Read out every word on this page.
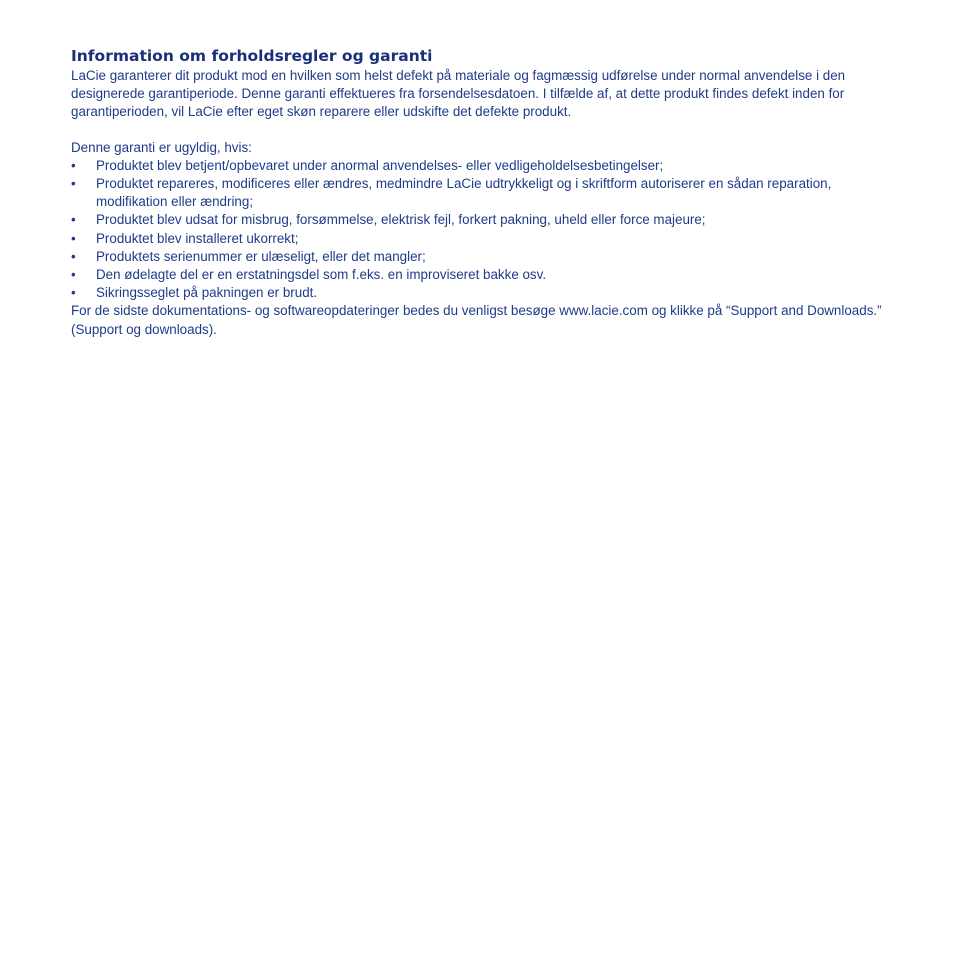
Information om forholdsregler og garanti

LaCie garanterer dit produkt mod en hvilken som helst defekt på materiale og fagmæssig udførelse under normal anvendelse i den designerede garantiperiode. Denne garanti effektueres fra forsendelsesdatoen. I tilfælde af, at dette produkt findes defekt inden for garantiperioden, vil LaCie efter eget skøn reparere eller udskifte det defekte produkt.

Denne garanti er ugyldig, hvis:

• Produktet blev betjent/opbevaret under anormal anvendelses- eller vedligeholdelsesbetingelser;
• Produktet repareres, modificeres eller ændres, medmindre LaCie udtrykkeligt og i skriftform autoriserer en sådan reparation, modifikation eller ændring;
• Produktet blev udsat for misbrug, forsømmelse, elektrisk fejl, forkert pakning, uheld eller force majeure;
• Produktet blev installeret ukorrekt;
• Produktets serienummer er ulæseligt, eller det mangler;
• Den ødelagte del er en erstatningsdel som f.eks. en improviseret bakke osv.
• Sikringsseglet på pakningen er brudt.

For de sidste dokumentations- og softwareopdateringer bedes du venligst besøge www.lacie.com og klikke på “Support and Downloads.” (Support og downloads).
